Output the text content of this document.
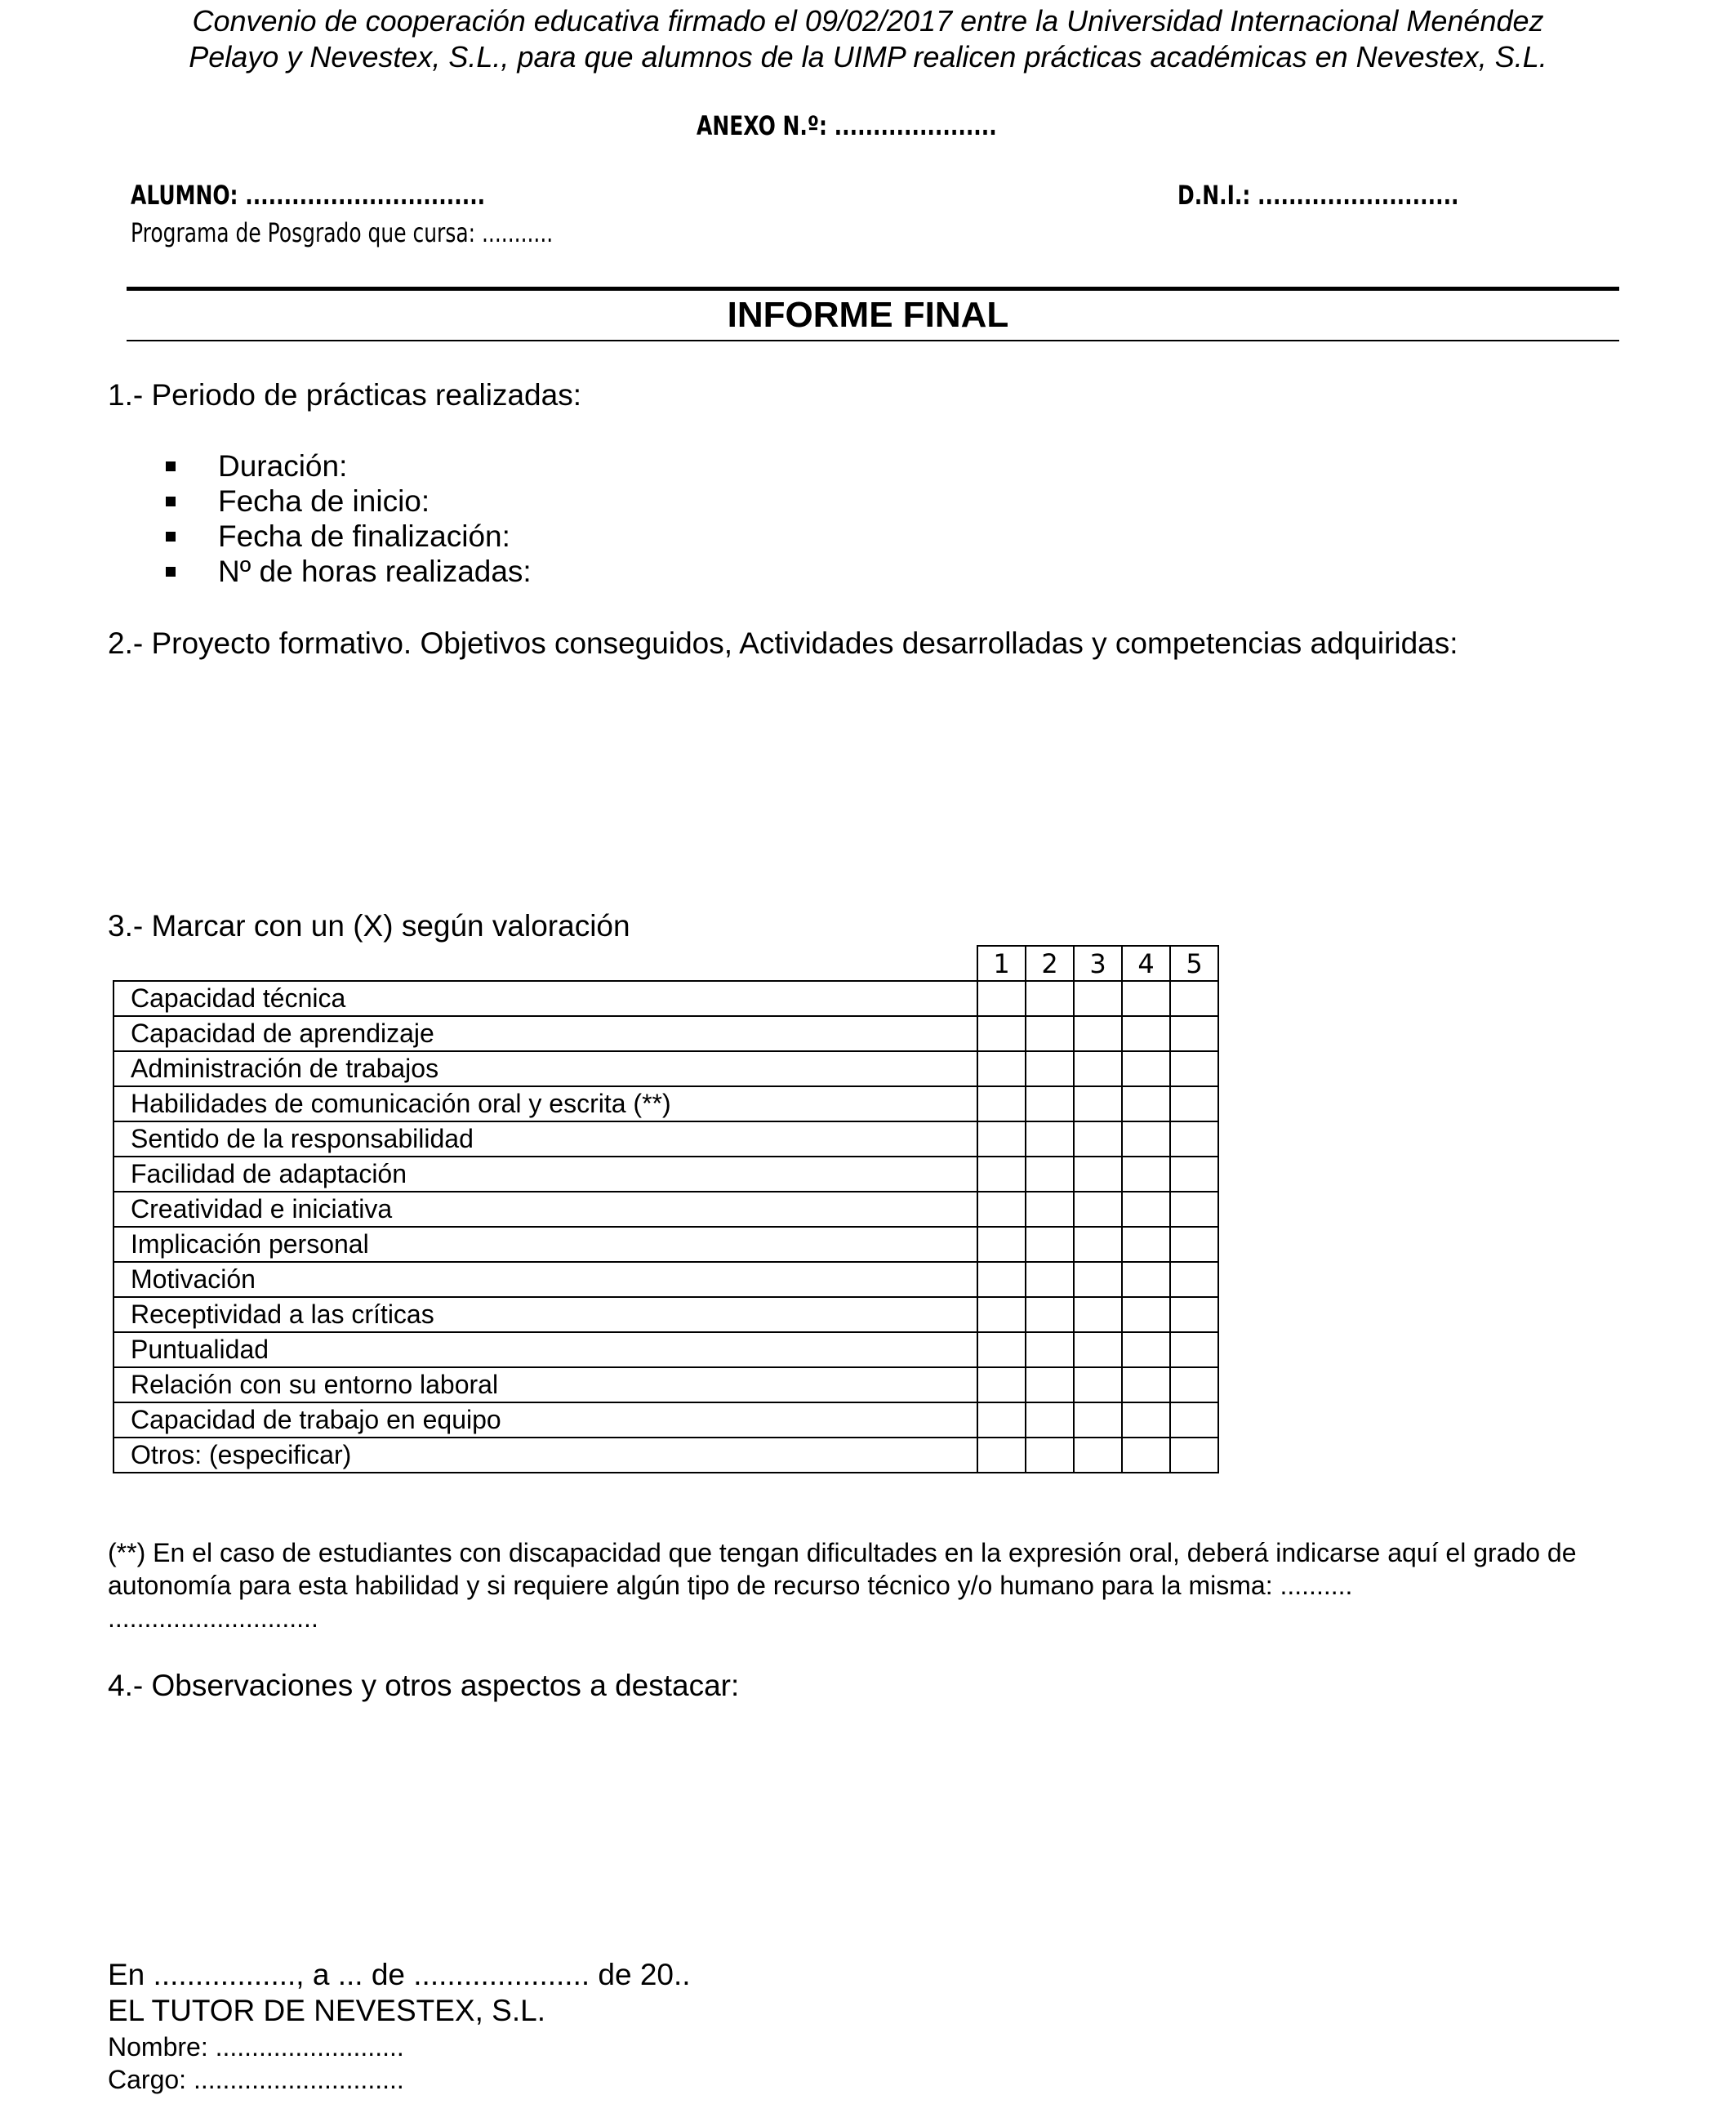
Convenio de cooperación educativa firmado el 09/02/2017 entre la Universidad Internacional Menéndez
Pelayo y Nevestex, S.L., para que alumnos de la UIMP realicen prácticas académicas en Nevestex, S.L.
ANEXO N.º: .....................
ALUMNO: ...............................	D.N.I.: ..........................
Programa de Posgrado que cursa: ...........
INFORME FINAL
1.- Periodo de prácticas realizadas:
Duración:
Fecha de inicio:
Fecha de finalización:
Nº de horas realizadas:
2.- Proyecto formativo. Objetivos conseguidos, Actividades desarrolladas y competencias adquiridas:
3.- Marcar con un (X) según valoración
	1	2	3	4	5
Capacidad técnica					
Capacidad de aprendizaje					
Administración de trabajos					
Habilidades de comunicación oral y escrita (**)					
Sentido de la responsabilidad					
Facilidad de adaptación					
Creatividad e iniciativa					
Implicación personal					
Motivación					
Receptividad a las críticas					
Puntualidad					
Relación con su entorno laboral					
Capacidad de trabajo en equipo					
Otros: (especificar)					
(**) En el caso de estudiantes con discapacidad que tengan dificultades en la expresión oral, deberá indicarse aquí el grado de
autonomía para esta habilidad y si requiere algún tipo de recurso técnico y/o humano para la misma: ..........
.............................
4.- Observaciones y otros aspectos a destacar:
En ................., a ... de ..................... de 20..
EL TUTOR DE NEVESTEX, S.L.
Nombre: ..........................
Cargo: .............................
